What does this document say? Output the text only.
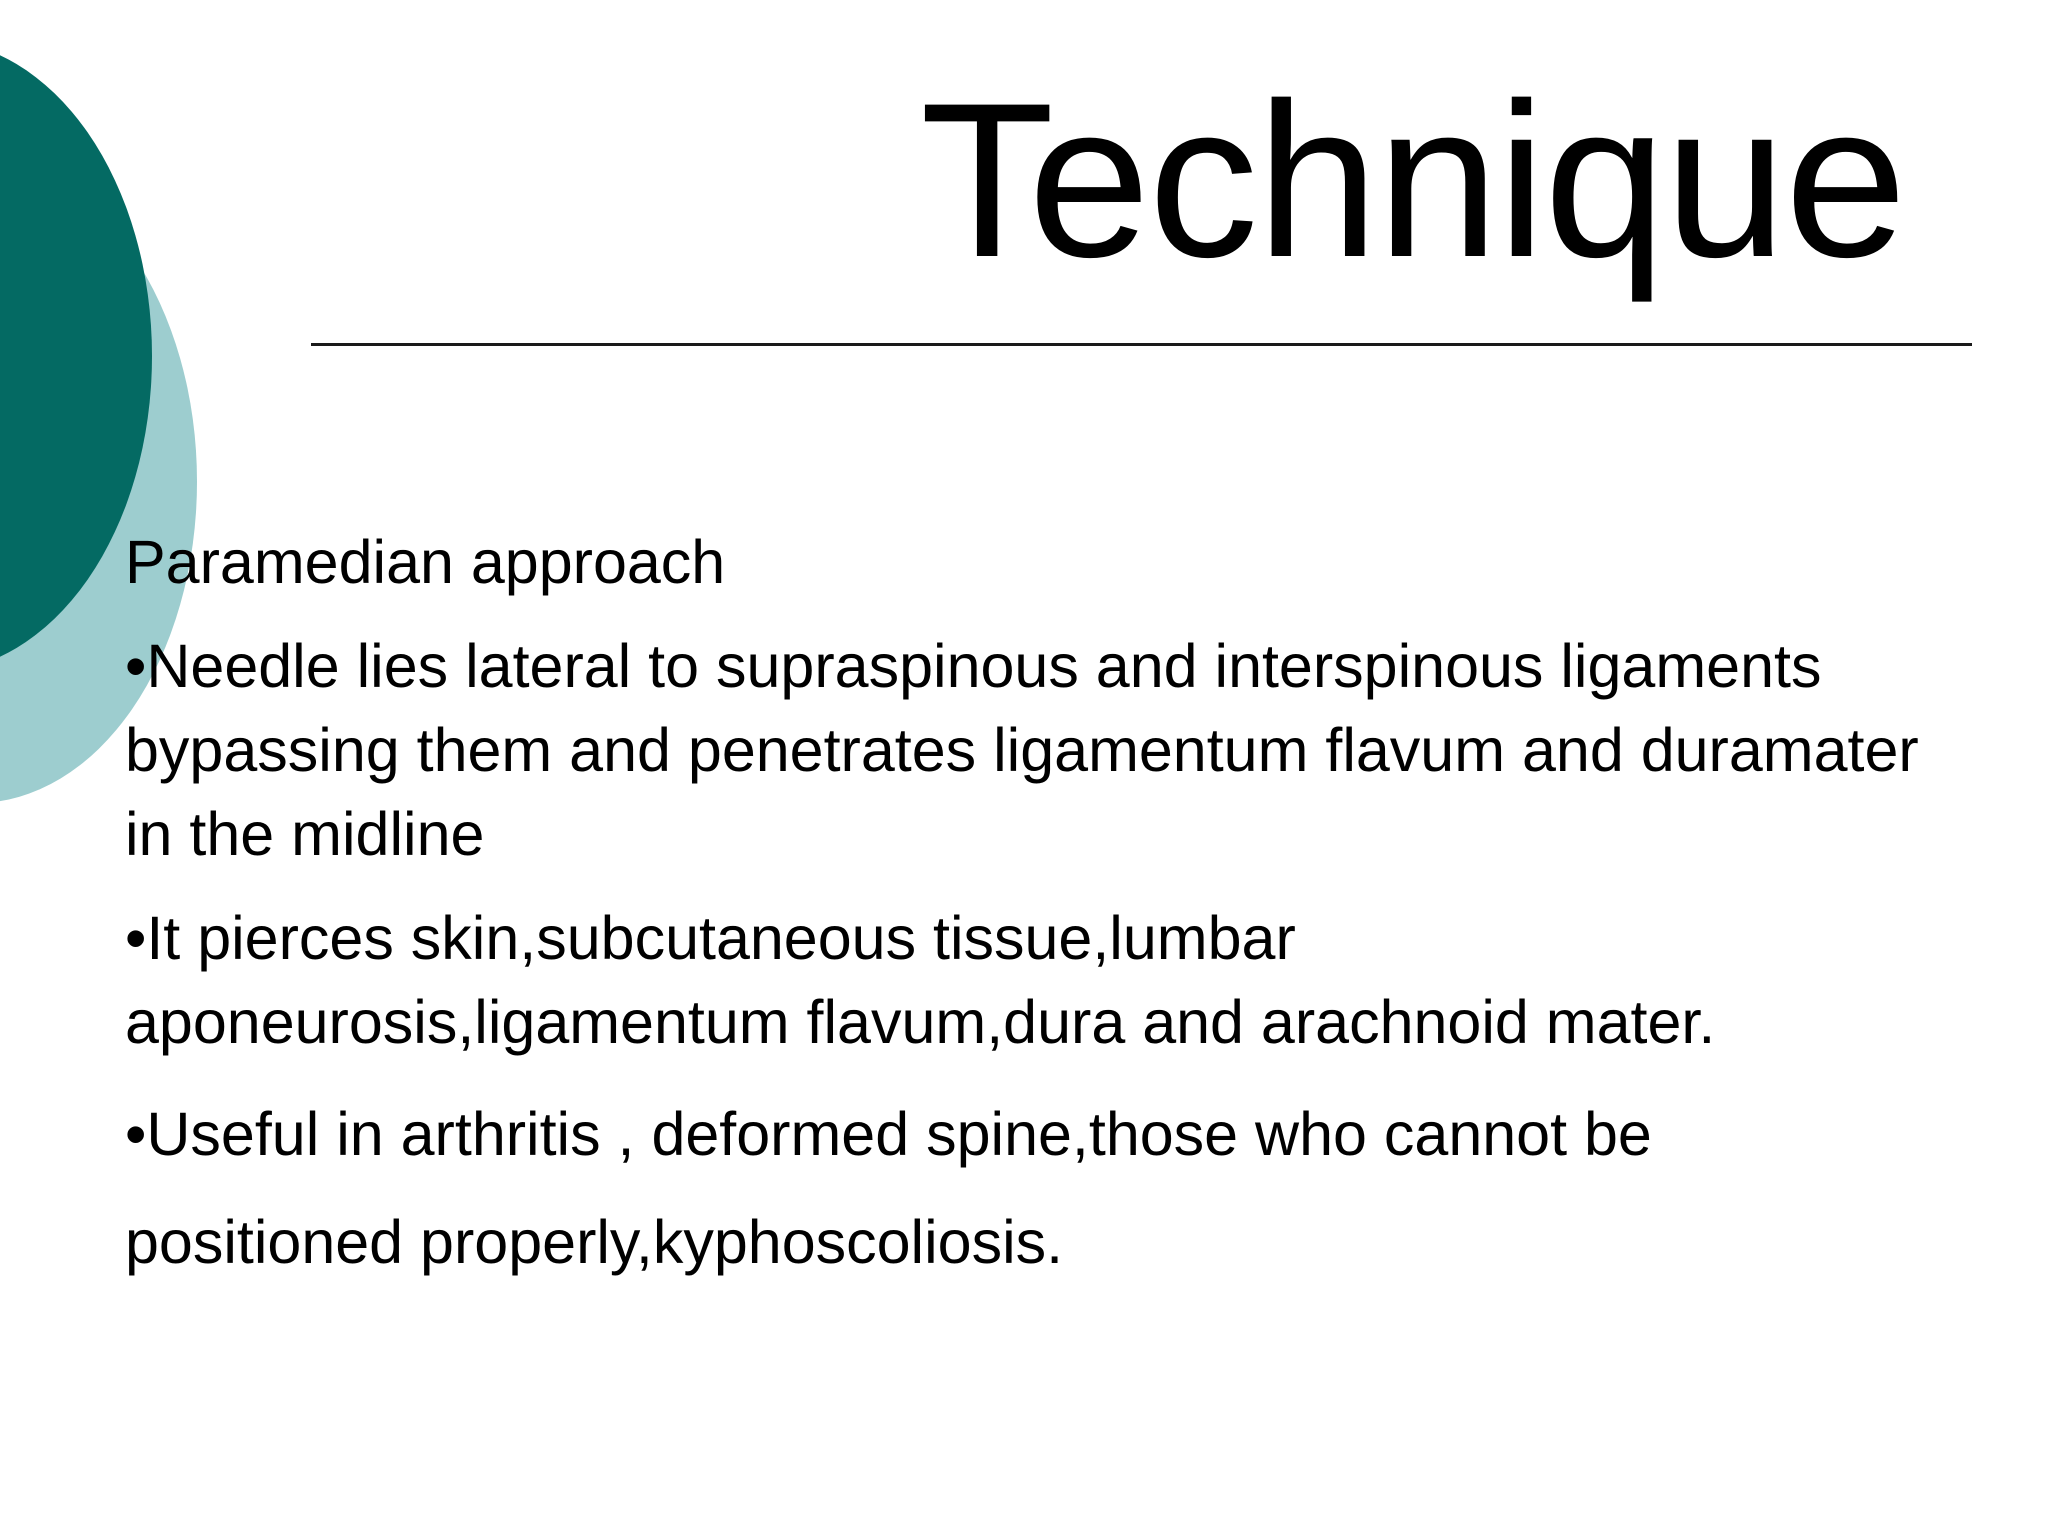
Technique

Paramedian approach

•Needle lies lateral to supraspinous and interspinous ligaments bypassing them and penetrates ligamentum flavum and duramater in the midline

•It pierces skin,subcutaneous tissue,lumbar aponeurosis,ligamentum flavum,dura and arachnoid mater.

•Useful in arthritis , deformed spine,those who cannot be positioned properly,kyphoscoliosis.
